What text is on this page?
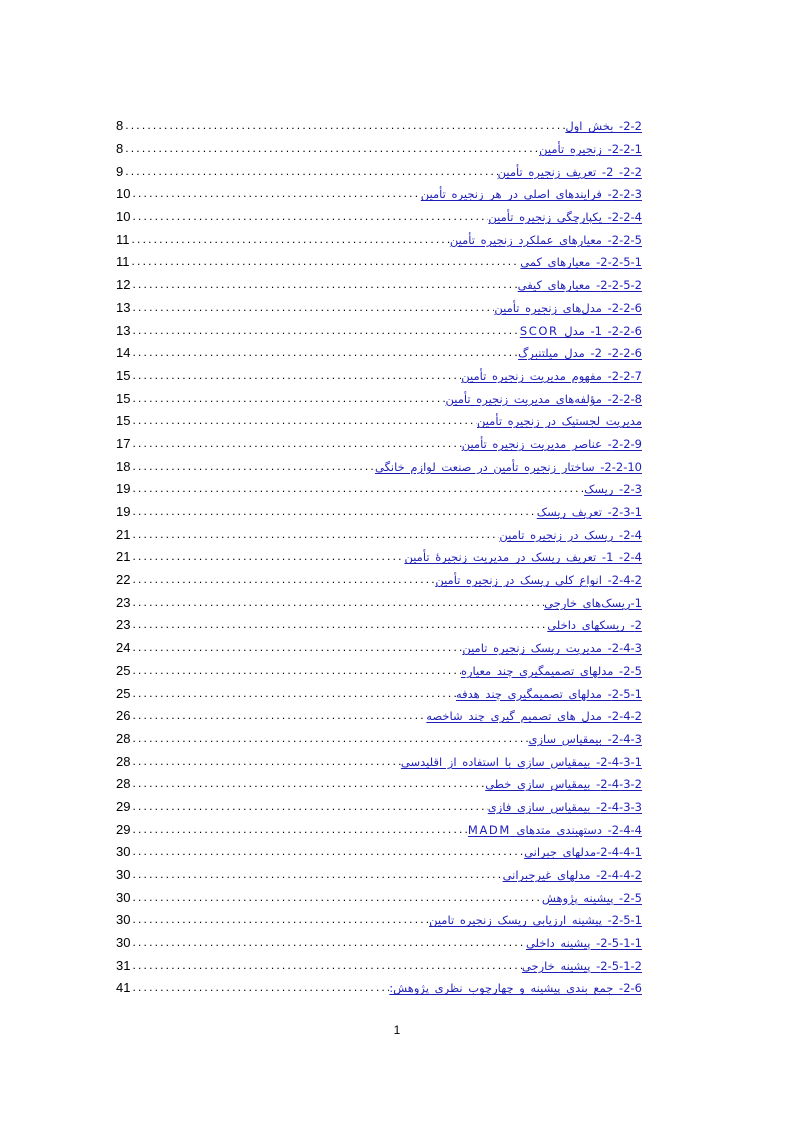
8 .....	2-2- بخش اول
8 .....	2-2-1- زنجیره تأمین
9 .....	2-2- 2- تعریف زنجیره تأمین
10 .....	2-2-3- فرایندهای اصلی در هر زنجیره تأمین
10 .....	2-2-4- یکپارچگی زنجیره تأمین
11 .....	2-2-5- معیارهای عملکرد زنجیره تأمین
11 .....	2-2-5-1- معیارهای کمی
12 .....	2-2-5-2- معیارهای کیفی
13 .....	2-2-6- مدل‌های زنجیره تأمین
13 .....	2-2-6- 1- مدل SCOR
14 .....	2-2-6- 2- مدل میلتنبرگ
15 .....	2-2-7- مفهوم مدیریت زنجیره تأمین
15 .....	2-2-8- مؤلفه‌های مدیریت زنجیره تأمین
15 .....	مدیریت لجستیک در زنجیره تأمین
17 .....	2-2-9- عناصر مدیریت زنجیره تأمین
18 .....	2-2-10- ساختار زنجیره تأمین در صنعت لوازم خانگی
19 .....	2-3- ریسک
19 .....	2-3-1- تعریف ریسک
21 .....	2-4- ریسک در زنجیره تامین
21 .....	2-4- 1- تعریف ریسک در مدیریت زنجیرهٔ تأمین
22 .....	2-4-2- انواع کلی ریسک در زنجیره تأمین
23 .....	1-ریسک‌های خارجی
23 .....	2- ریسکهای داخلی
24 .....	2-4-3- مدیریت ریسک زنجیره تامین
25 .....	2-5- مدلهای تصمیمگیری چند معیاره
25 .....	2-5-1- مدلهای تصمیمگیری چند هدفه
26 .....	2-4-2- مدل های تصمیم گیری چند شاخصه
28 .....	2-4-3- بیمقیاس سازی
28 .....	2-4-3-1- بیمقیاس سازی با استفاده از اقلیدسی
28 .....	2-4-3-2- بیمقیاس سازی خطی
29 .....	2-4-3-3- بیمقیاس سازی فازی
29 .....	2-4-4- دستهبندی متدهای MADM
30 .....	2-4-4-1-مدلهای جبرانی
30 .....	2-4-4-2- مدلهای غیرجبرانی
30 .....	2-5- پیشینه پژوهش
30 .....	2-5-1- پیشینه ارزیابی ریسک زنجیره تامین
30 .....	2-5-1-1- پیشینه داخلی
31 .....	2-5-1-2- پیشینه خارجی
41 .....	2-6- جمع بندی پیشینه و چهارچوب نظری پژوهش:
1
